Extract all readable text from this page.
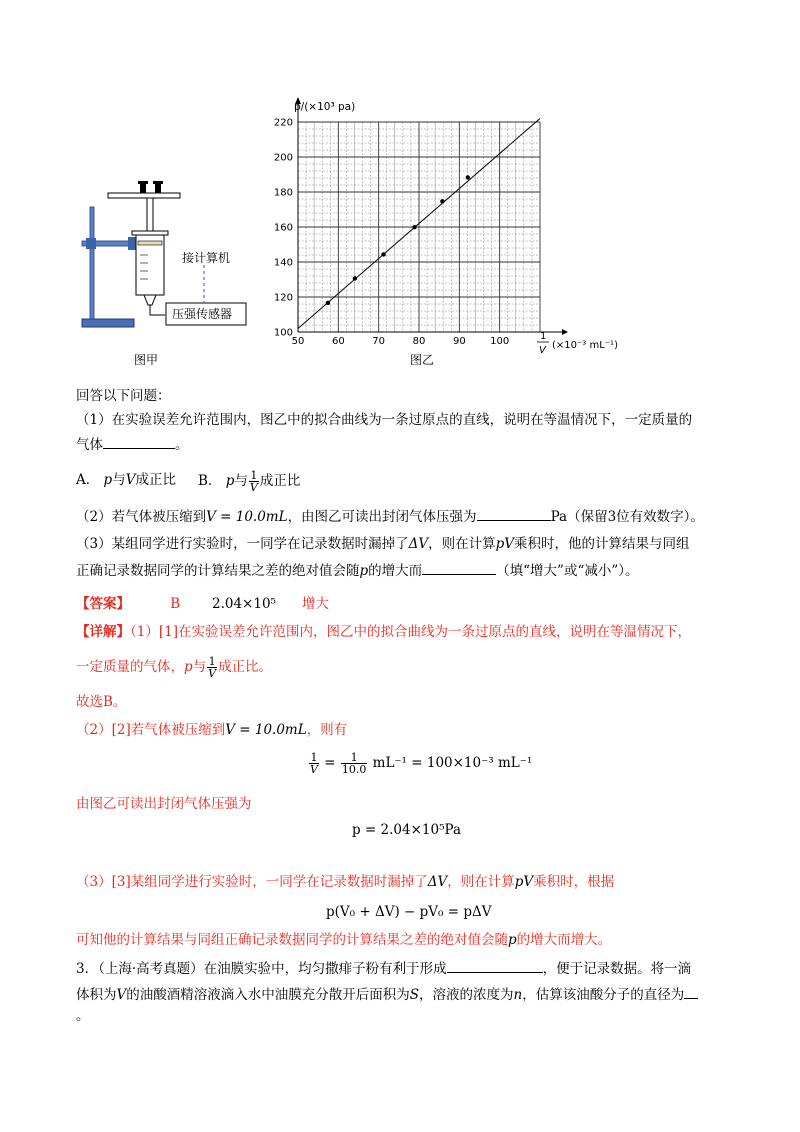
接计算机
压强传感器
图甲
50	60	70	80	90 100
100
120
140
160
180
200
220
p/(×10³ pa)
1
V (×10⁻³ mL⁻¹)
图乙
回答以下问题：
（1）在实验误差允许范围内，图乙中的拟合曲线为一条过原点的直线，说明在等温情况下，一定质量的
气体	。
A． p与V成正比 B． p与 $\frac{1}{V}$ 成正比
（2）若气体被压缩到V = 10.0mL，由图乙可读出封闭气体压强为	Pa（保留3位有效数字）。
（3）某组同学进行实验时，一同学在记录数据时漏掉了ΔV，则在计算pV乘积时，他的计算结果与同组
正确记录数据同学的计算结果之差的绝对值会随p的增大而	（填“增大”或“减小”）。
【答案】	B 2.04×10⁵ 增大
【详解】（1）[1]在实验误差允许范围内，图乙中的拟合曲线为一条过原点的直线，说明在等温情况下，
一定质量的气体，p与 $\frac{1}{V}$ 成正比。
故选B。
（2）[2]若气体被压缩到V = 10.0mL，则有
$\frac{1}{V} = \frac{1}{10.0} mL^{-1} = 100\times 10^{-3}$ mL⁻¹
由图乙可读出封闭气体压强为
p = 2.04×10⁵Pa
（3）[3]某组同学进行实验时，一同学在记录数据时漏掉了ΔV，则在计算pV乘积时，根据
p(V₀ + ΔV) − pV₀ = pΔV
可知他的计算结果与同组正确记录数据同学的计算结果之差的绝对值会随p的增大而增大。
3．（上海·高考真题）在油膜实验中，均匀撒痱子粉有利于形成	，便于记录数据。将一滴
体积为V的油酸酒精溶液滴入水中油膜充分散开后面积为S，溶液的浓度为n，估算该油酸分子的直径为
。
